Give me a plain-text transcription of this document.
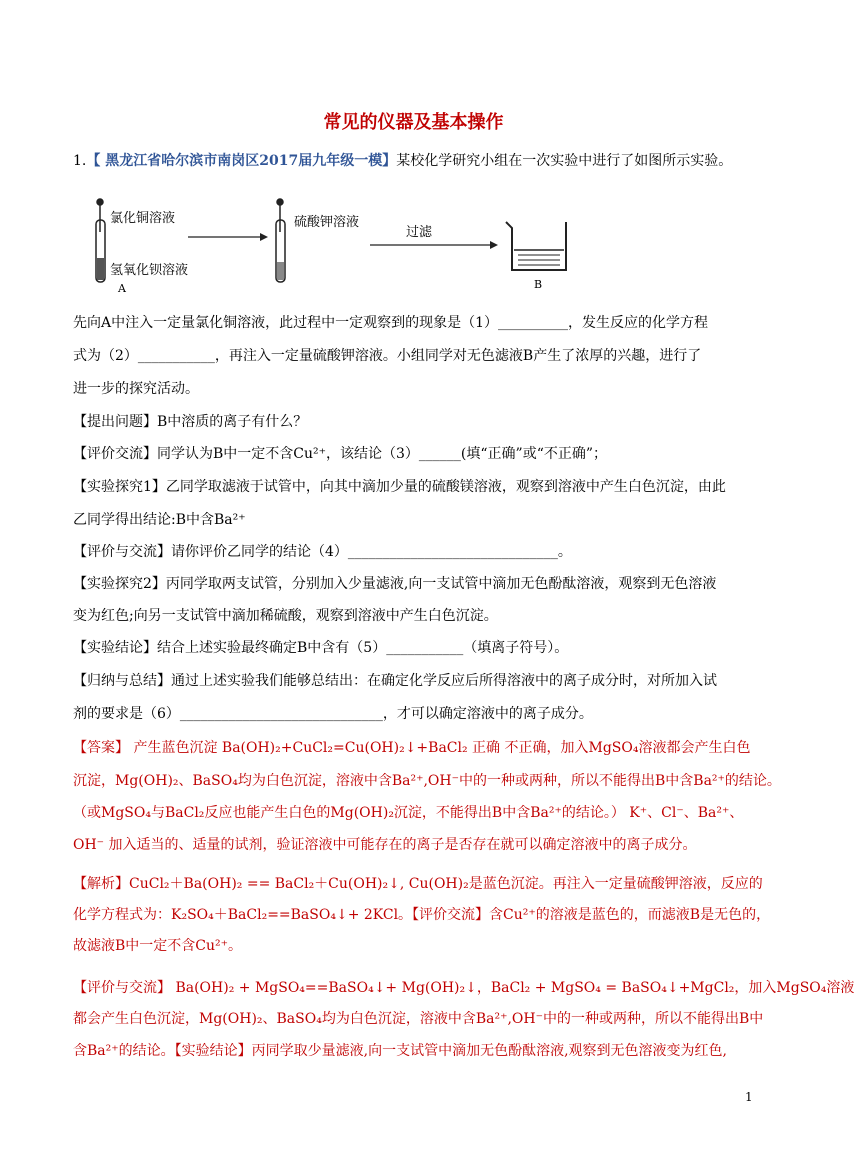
常见的仪器及基本操作
1.【 黑龙江省哈尔滨市南岗区2017届九年级一模】某校化学研究小组在一次实验中进行了如图所示实验。
氯化铜溶液
氢氧化钡溶液
A
硫酸钾溶液
过滤
B
先向A中注入一定量氯化铜溶液，此过程中一定观察到的现象是（1）__________，发生反应的化学方程
式为（2）___________，再注入一定量硫酸钾溶液。小组同学对无色滤液B产生了浓厚的兴趣，进行了
进一步的探究活动。
【提出问题】B中溶质的离子有什么？
【评价交流】同学认为B中一定不含Cu²⁺，该结论（3）______(填“正确”或“不正确”；
【实验探究1】乙同学取滤液于试管中，向其中滴加少量的硫酸镁溶液，观察到溶液中产生白色沉淀，由此
乙同学得出结论:B中含Ba²⁺
【评价与交流】请你评价乙同学的结论（4）______________________________。
【实验探究2】丙同学取两支试管，分别加入少量滤液,向一支试管中滴加无色酚酞溶液，观察到无色溶液
变为红色;向另一支试管中滴加稀硫酸，观察到溶液中产生白色沉淀。
【实验结论】结合上述实验最终确定B中含有（5）___________（填离子符号）。
【归纳与总结】通过上述实验我们能够总结出：在确定化学反应后所得溶液中的离子成分时，对所加入试
剂的要求是（6）_____________________________，才可以确定溶液中的离子成分。
【答案】 产生蓝色沉淀 Ba(OH)₂+CuCl₂=Cu(OH)₂↓+BaCl₂ 正确 不正确，加入MgSO₄溶液都会产生白色
沉淀，Mg(OH)₂、BaSO₄均为白色沉淀，溶液中含Ba²⁺,OH⁻中的一种或两种，所以不能得出B中含Ba²⁺的结论。
（或MgSO₄与BaCl₂反应也能产生白色的Mg(OH)₂沉淀，不能得出B中含Ba²⁺的结论。） K⁺、Cl⁻、Ba²⁺、
OH⁻ 加入适当的、适量的试剂，验证溶液中可能存在的离子是否存在就可以确定溶液中的离子成分。
【解析】CuCl₂＋Ba(OH)₂ == BaCl₂＋Cu(OH)₂↓, Cu(OH)₂是蓝色沉淀。再注入一定量硫酸钾溶液，反应的
化学方程式为：K₂SO₄＋BaCl₂==BaSO₄↓+ 2KCl。【评价交流】含Cu²⁺的溶液是蓝色的，而滤液B是无色的，
故滤液B中一定不含Cu²⁺。
【评价与交流】 Ba(OH)₂ + MgSO₄==BaSO₄↓+ Mg(OH)₂↓，BaCl₂ + MgSO₄ = BaSO₄↓+MgCl₂，加入MgSO₄溶液
都会产生白色沉淀，Mg(OH)₂、BaSO₄均为白色沉淀，溶液中含Ba²⁺,OH⁻中的一种或两种，所以不能得出B中
含Ba²⁺的结论。【实验结论】丙同学取少量滤液,向一支试管中滴加无色酚酞溶液,观察到无色溶液变为红色,
1
